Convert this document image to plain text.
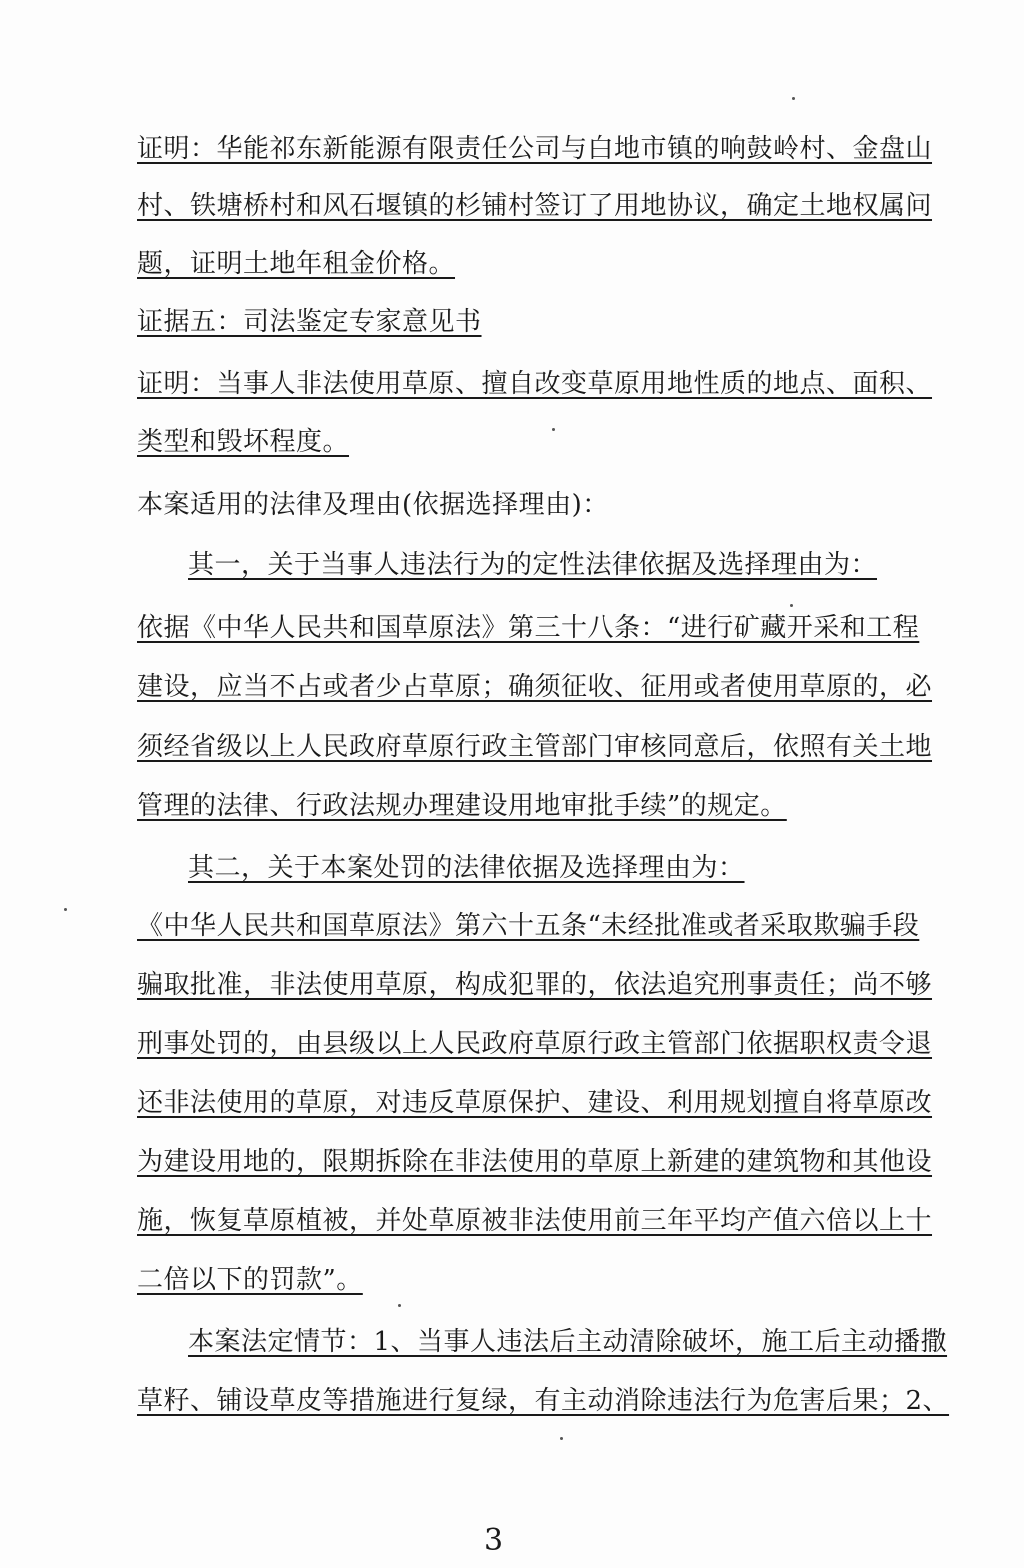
证明：华能祁东新能源有限责任公司与白地市镇的响鼓岭村、金盘山
村、铁塘桥村和风石堰镇的杉铺村签订了用地协议，确定土地权属问
题，证明土地年租金价格。
证据五：司法鉴定专家意见书
证明：当事人非法使用草原、擅自改变草原用地性质的地点、面积、
类型和毁坏程度。
本案适用的法律及理由(依据选择理由)：
其一，关于当事人违法行为的定性法律依据及选择理由为：
依据《中华人民共和国草原法》第三十八条：“进行矿藏开采和工程
建设，应当不占或者少占草原；确须征收、征用或者使用草原的，必
须经省级以上人民政府草原行政主管部门审核同意后，依照有关土地
管理的法律、行政法规办理建设用地审批手续”的规定。
其二，关于本案处罚的法律依据及选择理由为：
《中华人民共和国草原法》第六十五条“未经批准或者采取欺骗手段
骗取批准，非法使用草原，构成犯罪的，依法追究刑事责任；尚不够
刑事处罚的，由县级以上人民政府草原行政主管部门依据职权责令退
还非法使用的草原，对违反草原保护、建设、利用规划擅自将草原改
为建设用地的，限期拆除在非法使用的草原上新建的建筑物和其他设
施，恢复草原植被，并处草原被非法使用前三年平均产值六倍以上十
二倍以下的罚款”。
本案法定情节：1、当事人违法后主动清除破坏，施工后主动播撒
草籽、铺设草皮等措施进行复绿，有主动消除违法行为危害后果；2、
3
